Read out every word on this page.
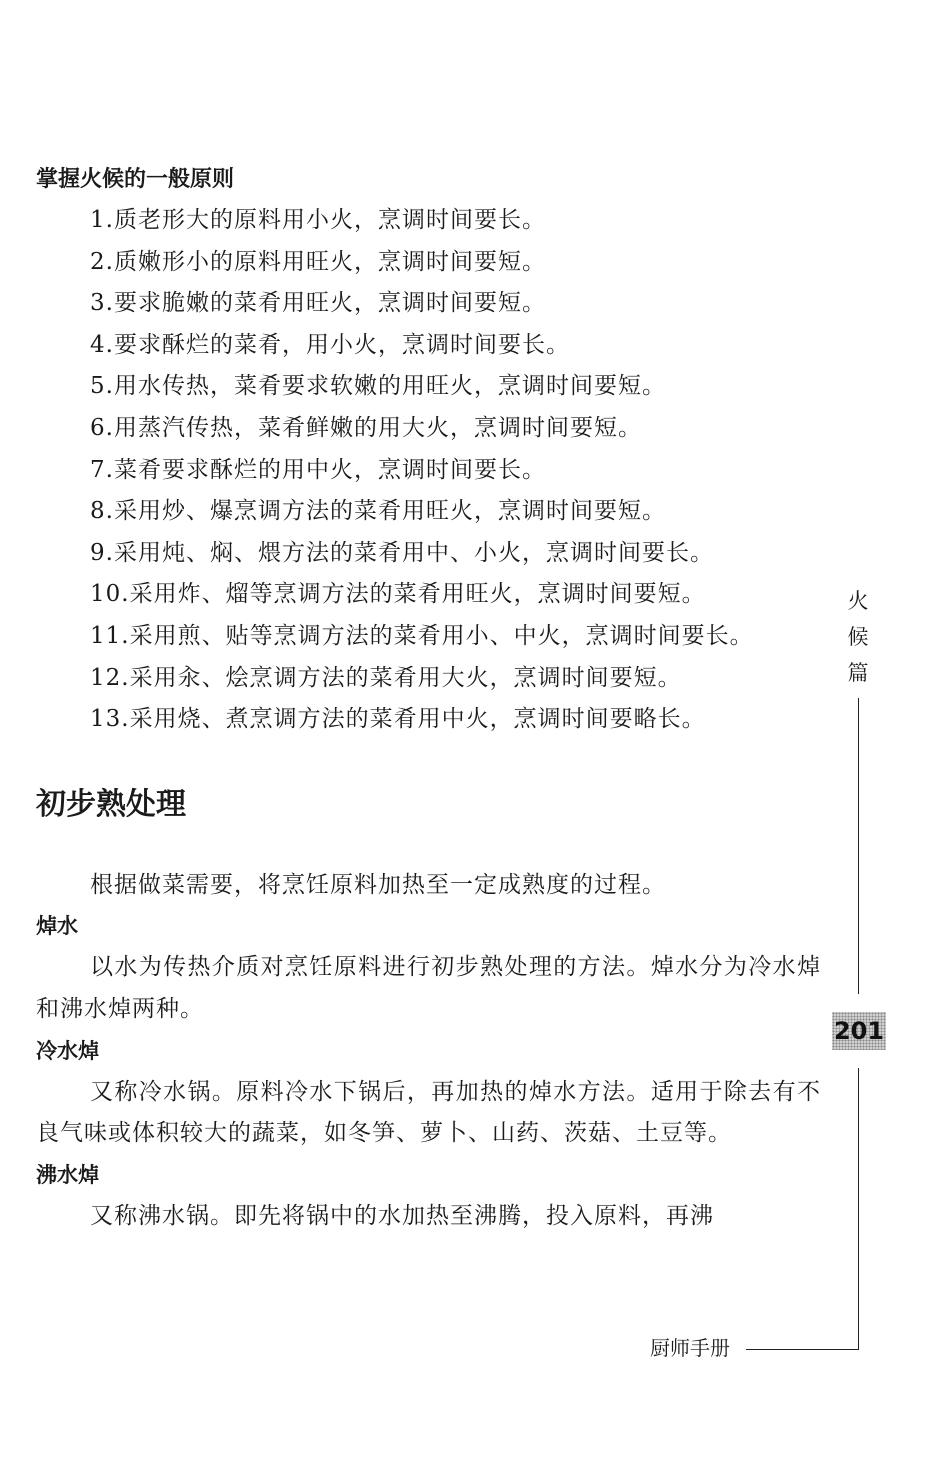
掌握火候的一般原则

1.质老形大的原料用小火，烹调时间要长。

2.质嫩形小的原料用旺火，烹调时间要短。

3.要求脆嫩的菜肴用旺火，烹调时间要短。

4.要求酥烂的菜肴，用小火，烹调时间要长。

5.用水传热，菜肴要求软嫩的用旺火，烹调时间要短。

6.用蒸汽传热，菜肴鲜嫩的用大火，烹调时间要短。

7.菜肴要求酥烂的用中火，烹调时间要长。

8.采用炒、爆烹调方法的菜肴用旺火，烹调时间要短。

9.采用炖、焖、煨方法的菜肴用中、小火，烹调时间要长。

10.采用炸、熘等烹调方法的菜肴用旺火，烹调时间要短。

11.采用煎、贴等烹调方法的菜肴用小、中火，烹调时间要长。

12.采用汆、烩烹调方法的菜肴用大火，烹调时间要短。

13.采用烧、煮烹调方法的菜肴用中火，烹调时间要略长。

初步熟处理

根据做菜需要，将烹饪原料加热至一定成熟度的过程。

焯水

以水为传热介质对烹饪原料进行初步熟处理的方法。焯水分为冷水焯和沸水焯两种。

冷水焯

又称冷水锅。原料冷水下锅后，再加热的焯水方法。适用于除去有不良气味或体积较大的蔬菜，如冬笋、萝卜、山药、茨菇、土豆等。

沸水焯

又称沸水锅。即先将锅中的水加热至沸腾，投入原料，再沸

火
候
篇
201
厨师手册
